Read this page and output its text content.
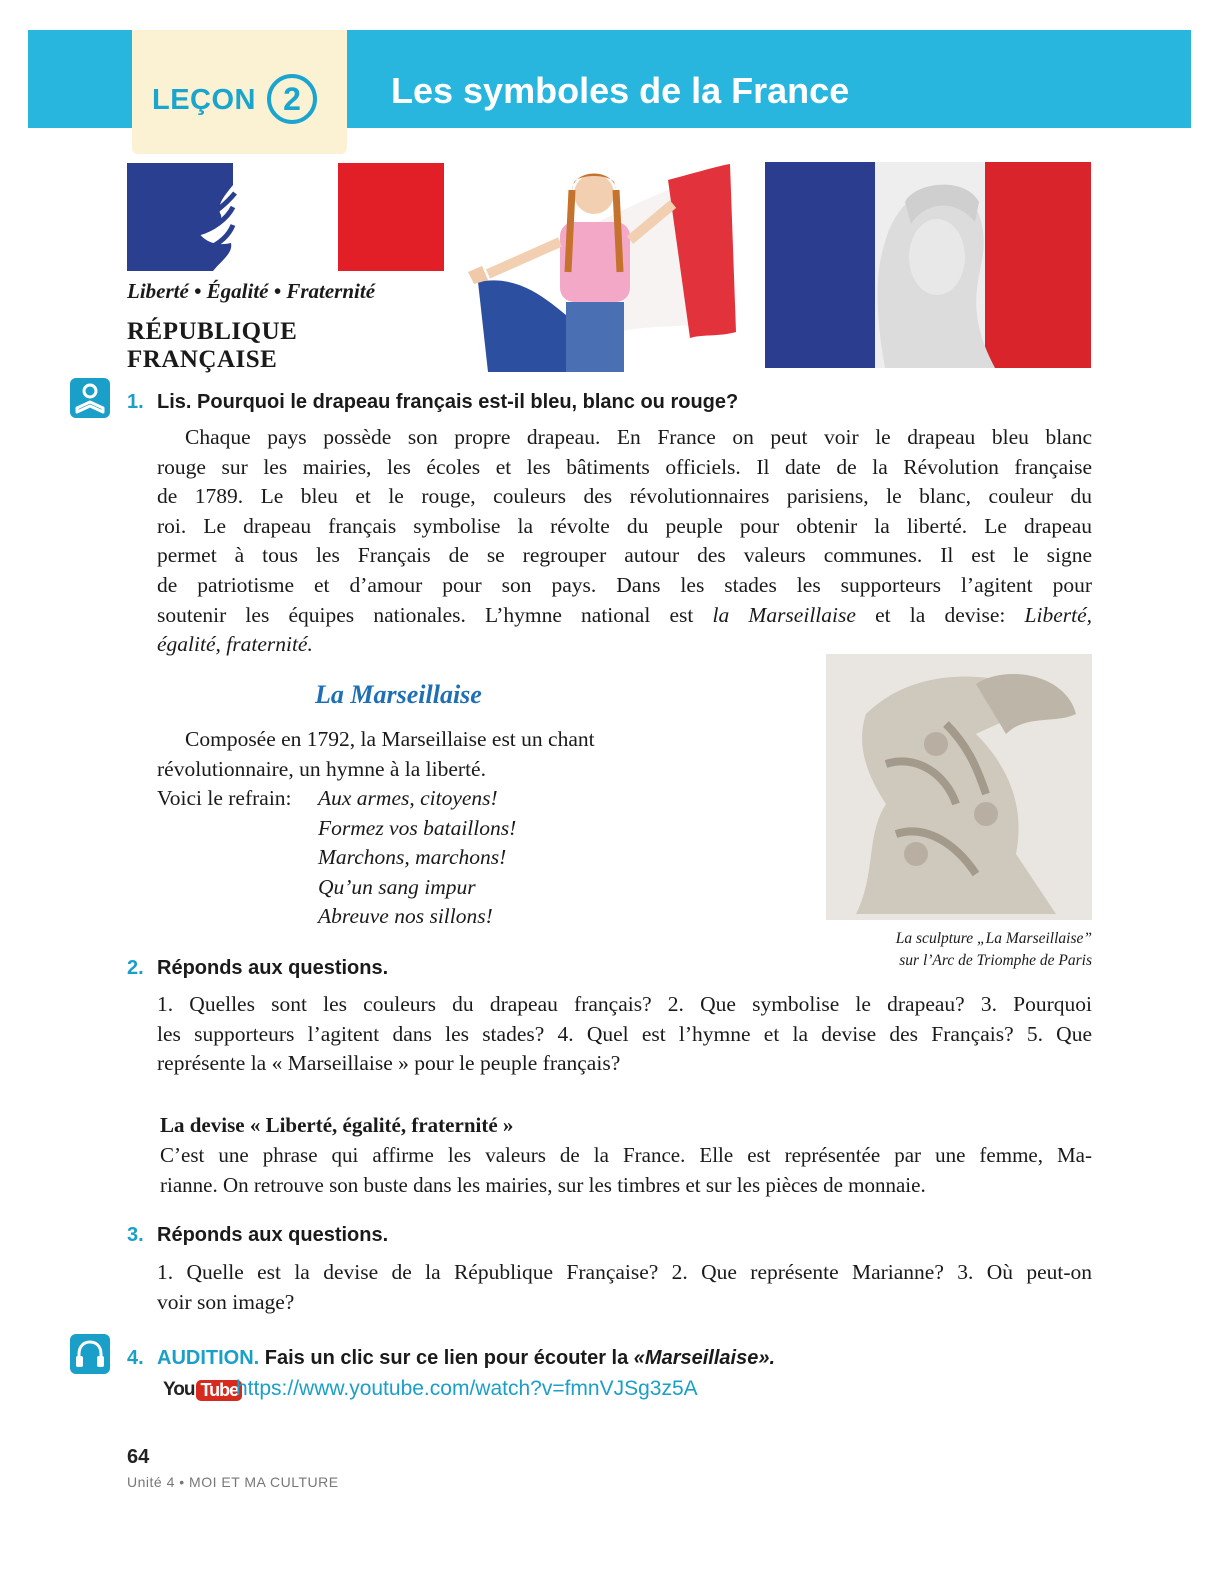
LEÇON 2	Les symboles de la France
Liberté • Égalité • Fraternité
RÉPUBLIQUE FRANÇAISE
1. Lis. Pourquoi le drapeau français est-il bleu, blanc ou rouge?
Chaque pays possède son propre drapeau. En France on peut voir le drapeau bleu blanc
rouge sur les mairies, les écoles et les bâtiments officiels. Il date de la Révolution française
de 1789. Le bleu et le rouge, couleurs des révolutionnaires parisiens, le blanc, couleur du
roi. Le drapeau français symbolise la révolte du peuple pour obtenir la liberté. Le drapeau
permet à tous les Français de se regrouper autour des valeurs communes. Il est le signe
de patriotisme et d’amour pour son pays. Dans les stades les supporteurs l’agitent pour
soutenir les équipes nationales. L’hymne national est la Marseillaise et la devise: Liberté,
égalité, fraternité.
La Marseillaise
Composée en 1792, la Marseillaise est un chant
révolutionnaire, un hymne à la liberté.
Voici le refrain:	Aux armes, citoyens!
Formez vos bataillons!
Marchons, marchons!
Qu’un sang impur
Abreuve nos sillons!
La sculpture „La Marseillaise”
sur l’Arc de Triomphe de Paris
2. Réponds aux questions.
1. Quelles sont les couleurs du drapeau français? 2. Que symbolise le drapeau? 3. Pourquoi
les supporteurs l’agitent dans les stades? 4. Quel est l’hymne et la devise des Français? 5. Que
représente la « Marseillaise » pour le peuple français?
La devise « Liberté, égalité, fraternité »
C’est une phrase qui affirme les valeurs de la France. Elle est représentée par une femme, Ma-
rianne. On retrouve son buste dans les mairies, sur les timbres et sur les pièces de monnaie.
3. Réponds aux questions.
1. Quelle est la devise de la République Française? 2. Que représente Marianne? 3. Où peut-on
voir son image?
4. AUDITION. Fais un clic sur ce lien pour écouter la «Marseillaise».
You Tube
https://www.youtube.com/watch?v=fmnVJSg3z5A
64
Unité 4 • MOI ET MA CULTURE
